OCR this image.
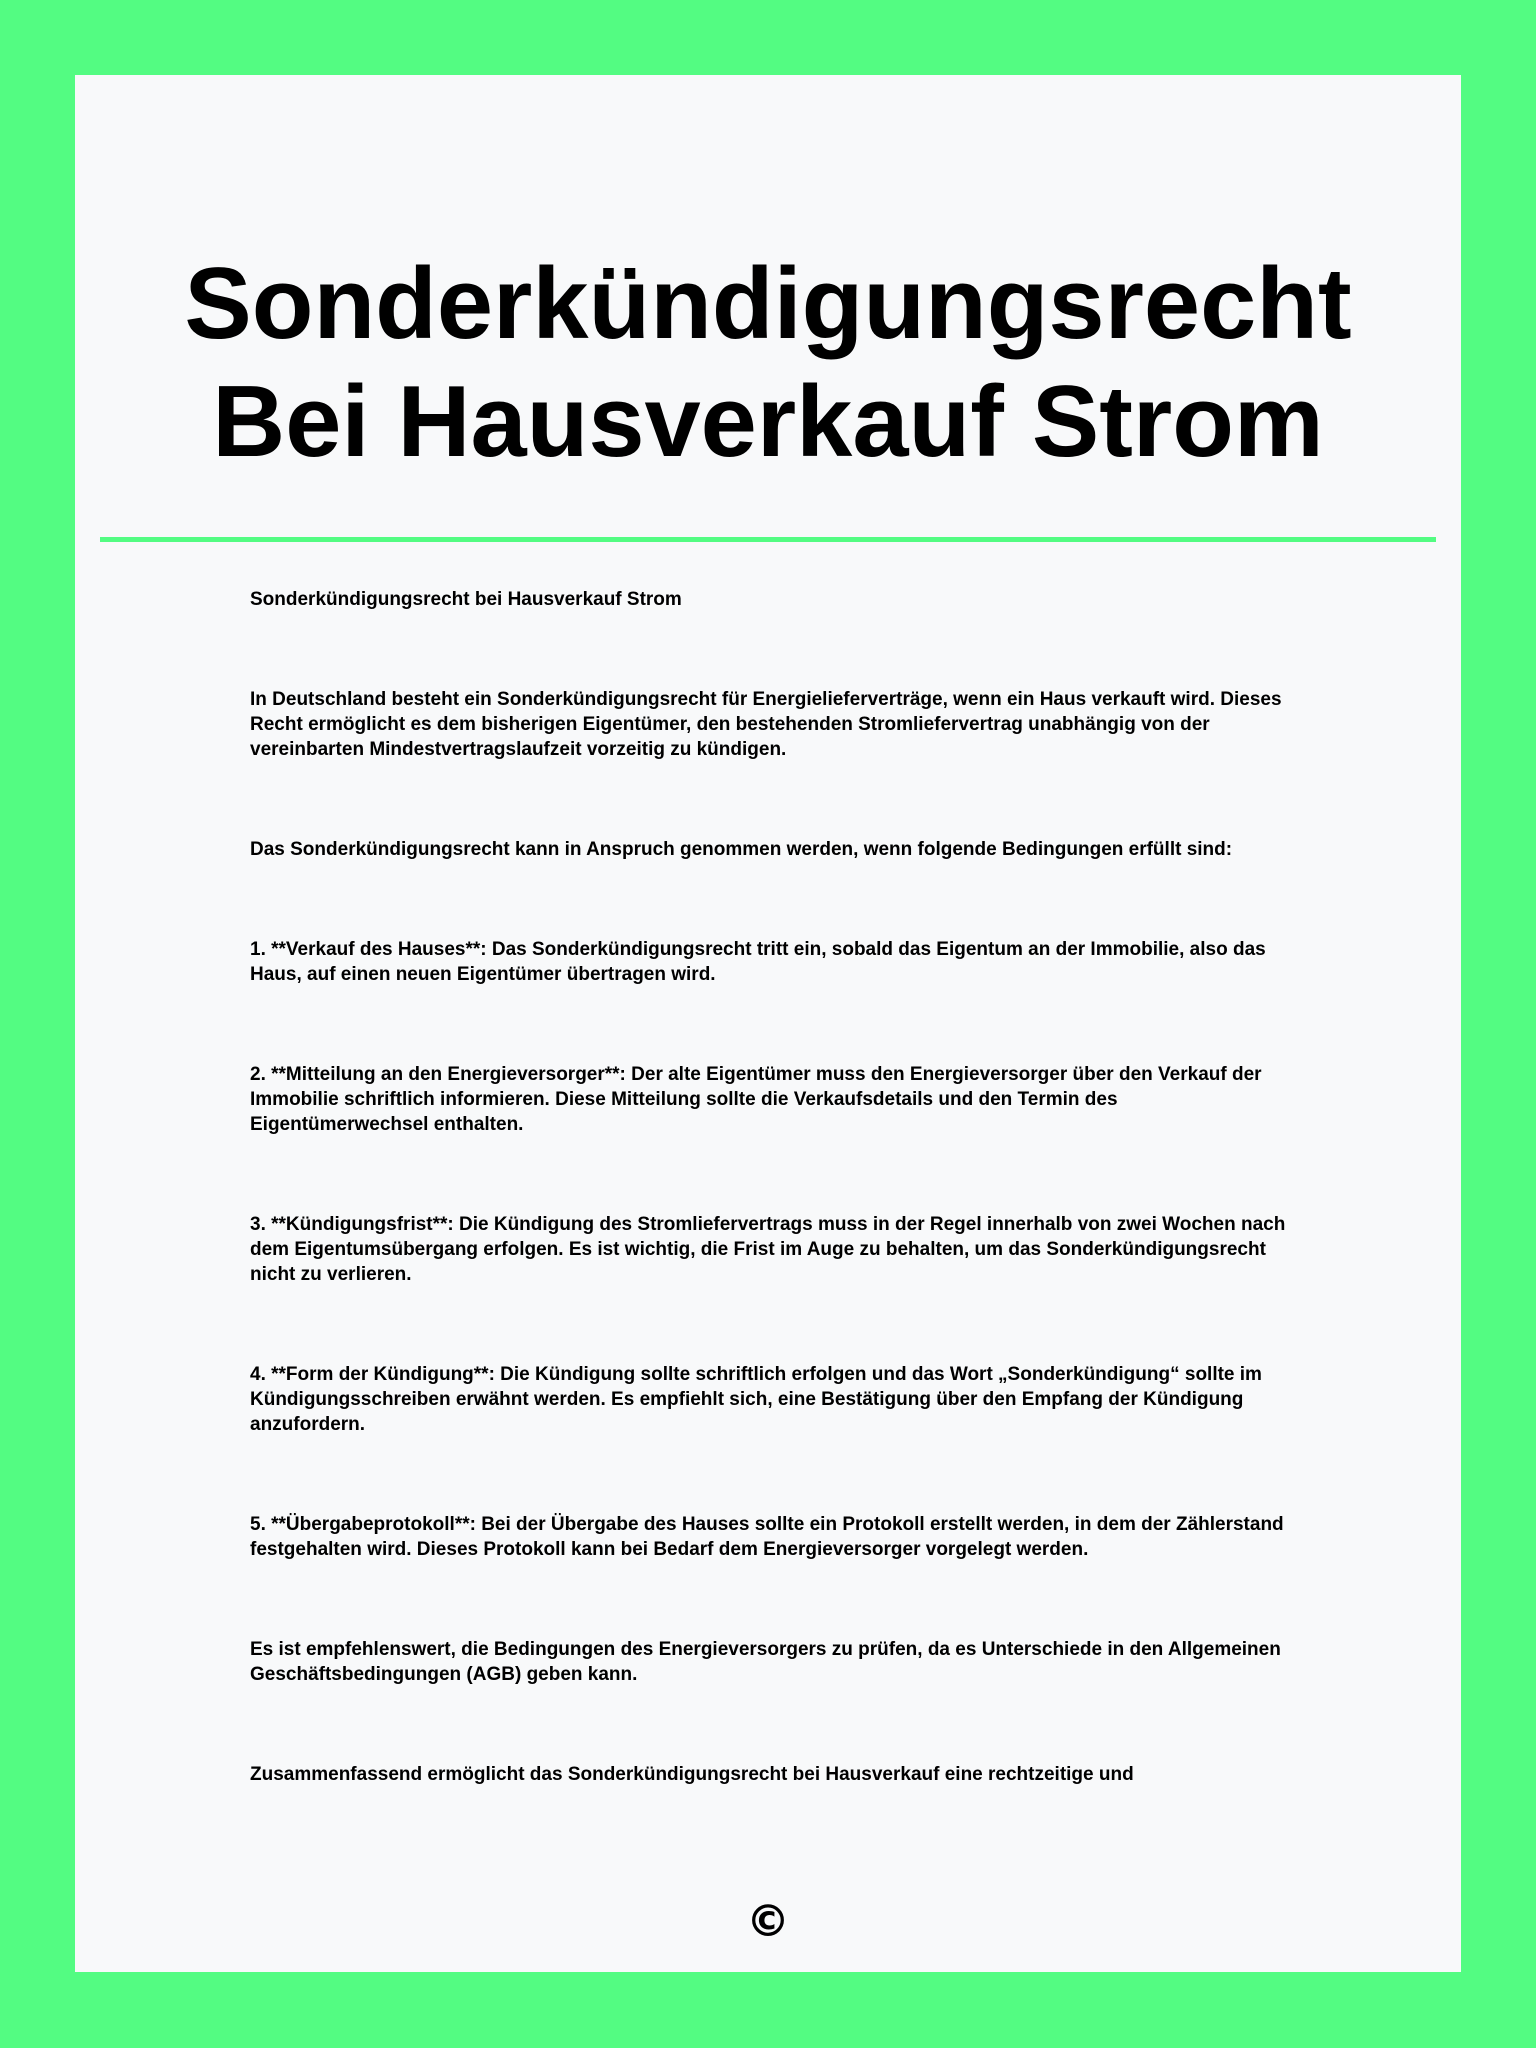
Sonderkündigungsrecht Bei Hausverkauf Strom

Sonderkündigungsrecht bei Hausverkauf Strom

In Deutschland besteht ein Sonderkündigungsrecht für Energielieferverträge, wenn ein Haus verkauft wird. Dieses Recht ermöglicht es dem bisherigen Eigentümer, den bestehenden Stromliefervertrag unabhängig von der vereinbarten Mindestvertragslaufzeit vorzeitig zu kündigen.

Das Sonderkündigungsrecht kann in Anspruch genommen werden, wenn folgende Bedingungen erfüllt sind:

1. **Verkauf des Hauses**: Das Sonderkündigungsrecht tritt ein, sobald das Eigentum an der Immobilie, also das Haus, auf einen neuen Eigentümer übertragen wird.

2. **Mitteilung an den Energieversorger**: Der alte Eigentümer muss den Energieversorger über den Verkauf der Immobilie schriftlich informieren. Diese Mitteilung sollte die Verkaufsdetails und den Termin des Eigentümerwechsel enthalten.

3. **Kündigungsfrist**: Die Kündigung des Stromliefervertrags muss in der Regel innerhalb von zwei Wochen nach dem Eigentumsübergang erfolgen. Es ist wichtig, die Frist im Auge zu behalten, um das Sonderkündigungsrecht nicht zu verlieren.

4. **Form der Kündigung**: Die Kündigung sollte schriftlich erfolgen und das Wort „Sonderkündigung“ sollte im Kündigungsschreiben erwähnt werden. Es empfiehlt sich, eine Bestätigung über den Empfang der Kündigung anzufordern.

5. **Übergabeprotokoll**: Bei der Übergabe des Hauses sollte ein Protokoll erstellt werden, in dem der Zählerstand festgehalten wird. Dieses Protokoll kann bei Bedarf dem Energieversorger vorgelegt werden.

Es ist empfehlenswert, die Bedingungen des Energieversorgers zu prüfen, da es Unterschiede in den Allgemeinen Geschäftsbedingungen (AGB) geben kann.

Zusammenfassend ermöglicht das Sonderkündigungsrecht bei Hausverkauf eine rechtzeitige und

©
